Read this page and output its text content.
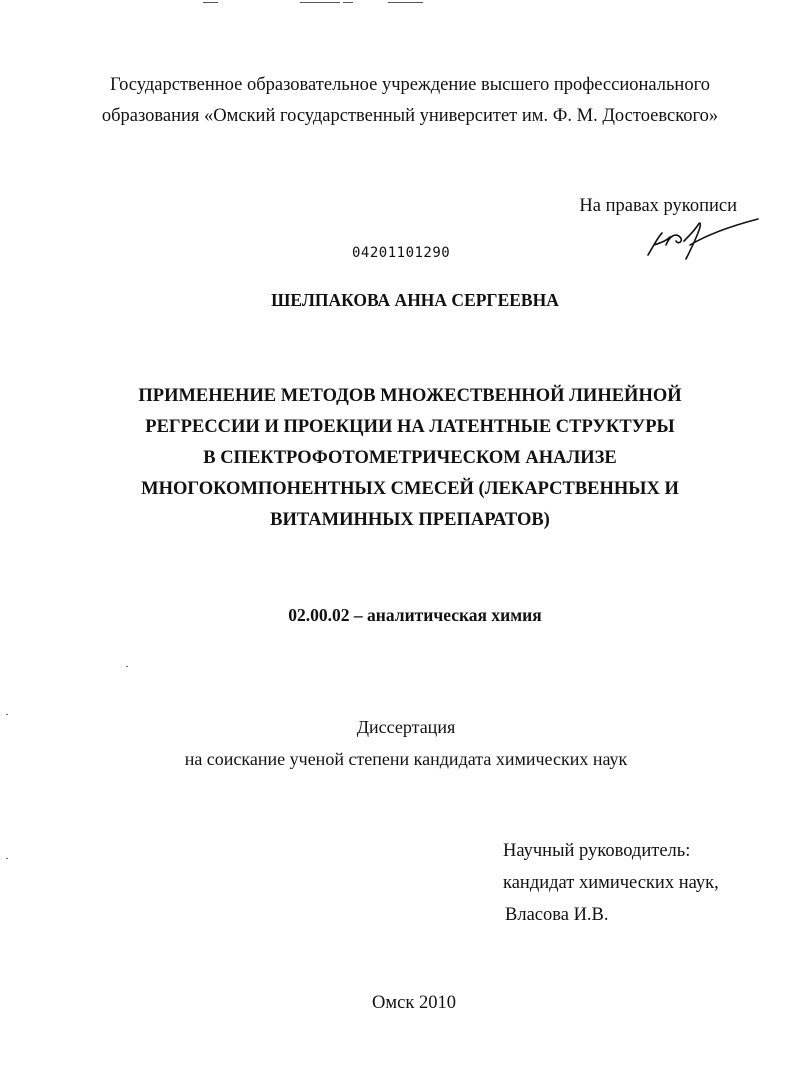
Государственное образовательное учреждение высшего профессионального
образования «Омский государственный университет им. Ф. М. Достоевского»
На правах рукописи
04201101290
ШЕЛПАКОВА АННА СЕРГЕЕВНА
ПРИМЕНЕНИЕ МЕТОДОВ МНОЖЕСТВЕННОЙ ЛИНЕЙНОЙ
РЕГРЕССИИ И ПРОЕКЦИИ НА ЛАТЕНТНЫЕ СТРУКТУРЫ
В СПЕКТРОФОТОМЕТРИЧЕСКОМ АНАЛИЗЕ
МНОГОКОМПОНЕНТНЫХ СМЕСЕЙ (ЛЕКАРСТВЕННЫХ И
ВИТАМИННЫХ ПРЕПАРАТОВ)
02.00.02 – аналитическая химия
Диссертация
на соискание ученой степени кандидата химических наук
Научный руководитель:
кандидат химических наук,
Власова И.В.
Омск 2010
